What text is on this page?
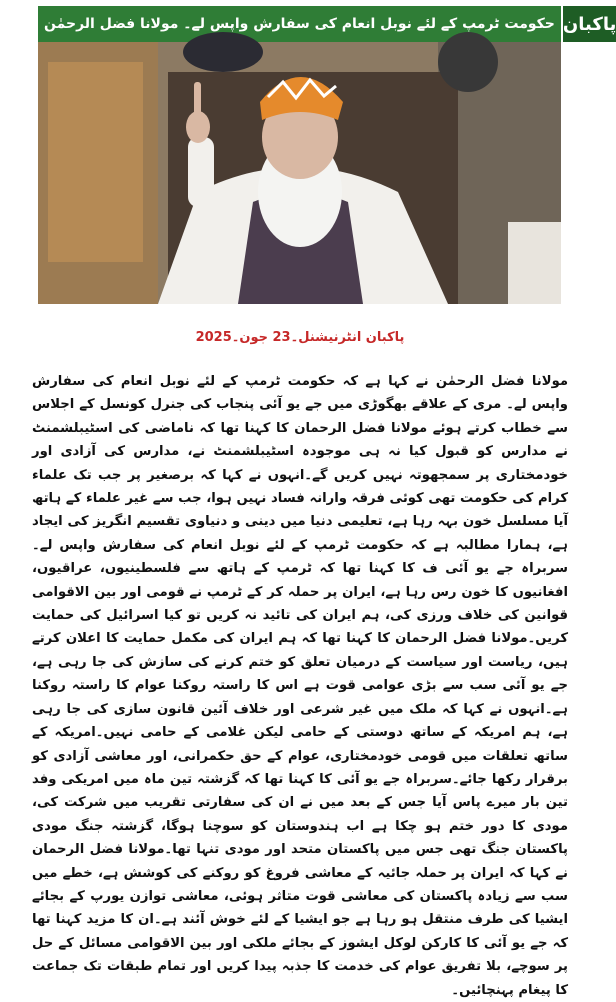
حکومت ٹرمپ کے لئے نوبل انعام کی سفارش واپس لے۔ مولانا فضل الرحمٰن پاکبان
پاکبان انٹرنیشنل۔23 جون۔2025
مولانا فضل الرحمٰن نے کہا ہے کہ حکومت ٹرمپ کے لئے نوبل انعام کی سفارش واپس لے۔ مری کے علاقے بھگوڑی میں جے یو آئی پنجاب کی جنرل کونسل کے اجلاس سے خطاب کرتے ہوئے مولانا فضل الرحمان کا کہنا تھا کہ ناماضی کی اسٹیبلشمنٹ نے مدارس کو قبول کیا نہ ہی موجودہ اسٹیبلشمنٹ نے، مدارس کی آزادی اور خودمختاری پر سمجھوتہ نہیں کریں گے۔انہوں نے کہا کہ برصغیر پر جب تک علماء کرام کی حکومت تھی کوئی فرقہ وارانہ فساد نہیں ہوا، جب سے غیر علماء کے ہاتھ آیا مسلسل خون بہہ رہا ہے، تعلیمی دنیا میں دینی و دنیاوی تقسیم انگریز کی ایجاد ہے، ہمارا مطالبہ ہے کہ حکومت ٹرمپ کے لئے نوبل انعام کی سفارش واپس لے۔سربراہ جے یو آئی ف کا کہنا تھا کہ ٹرمپ کے ہاتھ سے فلسطینیوں، عراقیوں، افغانیوں کا خون رس رہا ہے، ایران پر حملہ کر کے ٹرمپ نے قومی اور بین الاقوامی قوانین کی خلاف ورزی کی، ہم ایران کی تائید نہ کریں تو کیا اسرائیل کی حمایت کریں۔مولانا فضل الرحمان کا کہنا تھا کہ ہم ایران کی مکمل حمایت کا اعلان کرتے ہیں، ریاست اور سیاست کے درمیان تعلق کو ختم کرنے کی سازش کی جا رہی ہے، جے یو آئی سب سے بڑی عوامی قوت ہے اس کا راستہ روکنا عوام کا راستہ روکنا ہے۔انہوں نے کہا کہ ملک میں غیر شرعی اور خلاف آئین قانون سازی کی جا رہی ہے، ہم امریکہ کے ساتھ دوستی کے حامی لیکن غلامی کے حامی نہیں۔امریکہ کے ساتھ تعلقات میں قومی خودمختاری، عوام کے حق حکمرانی، اور معاشی آزادی کو برقرار رکھا جائے۔سربراہ جے یو آئی کا کہنا تھا کہ گزشتہ تین ماہ میں امریکی وفد تین بار میرے پاس آیا جس کے بعد میں نے ان کی سفارتی تقریب میں شرکت کی، مودی کا دور ختم ہو چکا ہے اب ہندوستان کو سوچنا ہوگا، گزشتہ جنگ مودی پاکستان جنگ تھی جس میں پاکستان متحد اور مودی تنہا تھا۔مولانا فضل الرحمان نے کہا کہ ایران پر حملہ جائیہ کے معاشی فروغ کو روکنے کی کوشش ہے، خطے میں سب سے زیادہ پاکستان کی معاشی قوت متاثر ہوئی، معاشی توازن یورپ کے بجائے ایشیا کی طرف منتقل ہو رہا ہے جو ایشیا کے لئے خوش آئند ہے۔ان کا مزید کہنا تھا کہ جے یو آئی کا کارکن لوکل ایشوز کے بجائے ملکی اور بین الاقوامی مسائل کے حل پر سوچے، بلا تفریق عوام کی خدمت کا جذبہ پیدا کریں اور تمام طبقات تک جماعت کا پیغام پہنچائیں۔
